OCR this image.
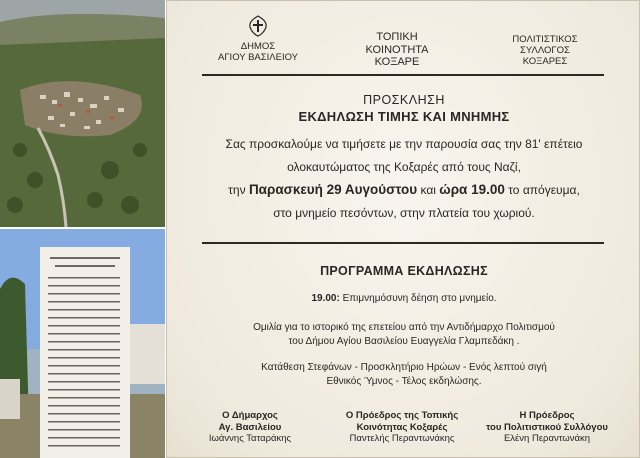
ΔΗΜΟΣ
ΑΓΙΟΥ ΒΑΣΙΛΕΙΟΥ
ΤΟΠΙΚΗ
ΚΟΙΝΟΤΗΤΑ
ΚΟΞΑΡΕ
ΠΟΛΙΤΙΣΤΙΚΟΣ
ΣΥΛΛΟΓΟΣ
ΚΟΞΑΡΕΣ
ΠΡΟΣΚΛΗΣΗ
ΕΚΔΗΛΩΣΗ ΤΙΜΗΣ ΚΑΙ ΜΝΗΜΗΣ
Σας προσκαλούμε να τιμήσετε με την παρουσία σας την 81' επέτειο
ολοκαυτώματος της Κοξαρές από τους Ναζί,
την Παρασκευή 29 Αυγούστου και ώρα 19.00 το απόγευμα,
στο μνημείο πεσόντων, στην πλατεία του χωριού.
ΠΡΟΓΡΑΜΜΑ ΕΚΔΗΛΩΣΗΣ
19.00: Επιμνημόσυνη δέηση στο μνημείο.
Ομιλία για το ιστορικό της επετείου από την Αντιδήμαρχο Πολιτισμού
του Δήμου Αγίου Βασιλείου Ευαγγελία Γλαμπεδάκη .
Κατάθεση Στεφάνων - Προσκλητήριο Ηρώων - Ενός λεπτού σιγή
Εθνικός Ύμνος - Τέλος εκδηλώσης.
Ο Δήμαρχος
Αγ. Βασιλείου
Ιωάννης Ταταράκης
Ο Πρόεδρος της Τοπικής
Κοινότητας Κοξαρές
Παντελής Περαντωνάκης
Η Πρόεδρος
του Πολιτιστικού Συλλόγου
Ελένη Περαντωνάκη
